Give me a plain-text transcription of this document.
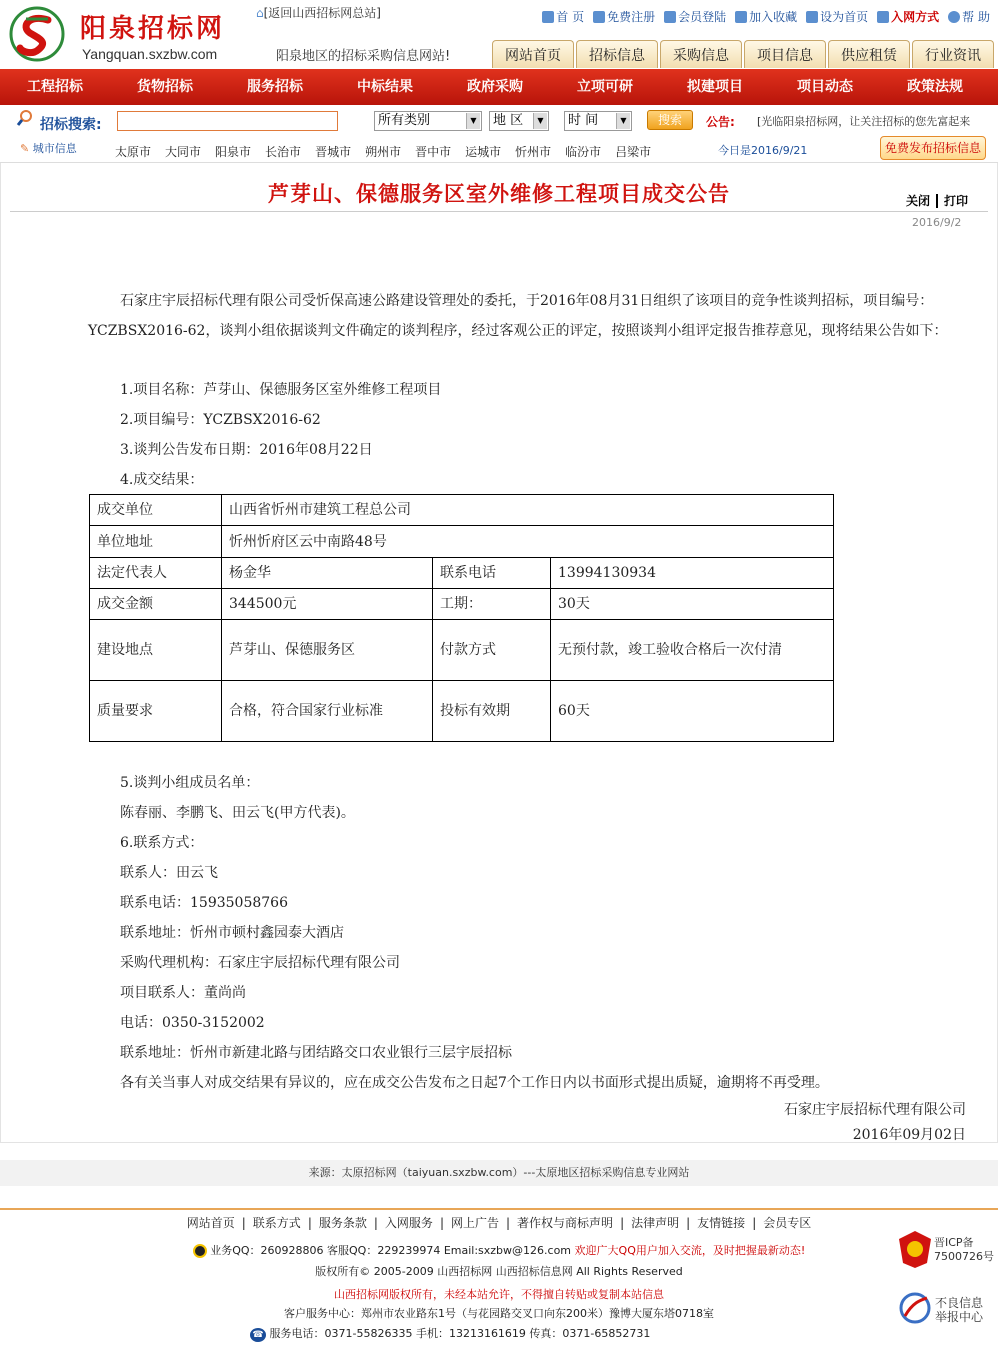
阳泉招标网
Yangquan.sxzbw.com
⌂[返回山西招标网总站]
阳泉地区的招标采购信息网站!
首 页 免费注册 会员登陆 加入收藏 设为首页 入网方式 帮 助
网站首页	招标信息	采购信息	项目信息	供应租赁	行业资讯
工程招标	货物招标	服务招标	中标结果	政府采购	立项可研	拟建项目	项目动态	政策法规
招标搜索:	所有类别	▼	地 区	▼	时 间	▼	搜索	公告: [光临阳泉招标网，让关注招标的您先富起来
✎ 城市信息	太原市 大同市 阳泉市 长治市 晋城市 朔州市 晋中市 运城市 忻州市 临汾市 吕梁市	今日是2016/9/21	免费发布招标信息
芦芽山、保德服务区室外维修工程项目成交公告	关闭 打印
2016/9/2
石家庄宇辰招标代理有限公司受忻保高速公路建设管理处的委托，于2016年08月31日组织了该项目的竞争性谈判招标，项目编号：YCZBSX2016-62，谈判小组依据谈判文件确定的谈判程序，经过客观公正的评定，按照谈判小组评定报告推荐意见，现将结果公告如下：
1.项目名称：芦芽山、保德服务区室外维修工程项目
2.项目编号：YCZBSX2016-62
3.谈判公告发布日期：2016年08月22日
4.成交结果：
成交单位	山西省忻州市建筑工程总公司		
单位地址	忻州忻府区云中南路48号		
法定代表人	杨金华	联系电话	13994130934
成交金额	344500元	工期：	30天
建设地点	芦芽山、保德服务区	付款方式	无预付款，竣工验收合格后一次付清
质量要求	合格，符合国家行业标准	投标有效期	60天
5.谈判小组成员名单：
陈春丽、李鹏飞、田云飞(甲方代表)。
6.联系方式：
联系人：田云飞
联系电话：15935058766
联系地址：忻州市顿村鑫园泰大酒店
采购代理机构：石家庄宇辰招标代理有限公司
项目联系人：董尚尚
电话：0350-3152002
联系地址：忻州市新建北路与团结路交口农业银行三层宇辰招标
各有关当事人对成交结果有异议的，应在成交公告发布之日起7个工作日内以书面形式提出质疑，逾期将不再受理。
石家庄宇辰招标代理有限公司
2016年09月02日
来源：太原招标网（taiyuan.sxzbw.com）---太原地区招标采购信息专业网站
网站首页 | 联系方式 | 服务条款 | 入网服务 | 网上广告 | 著作权与商标声明 | 法律声明 | 友情链接 | 会员专区
业务QQ：260928806 客服QQ：229239974 Email:sxzbw@126.com 欢迎广大QQ用户加入交流，及时把握最新动态!
版权所有© 2005-2009 山西招标网 山西招标信息网 All Rights Reserved
山西招标网版权所有，未经本站允许，不得擅自转贴或复制本站信息
客户服务中心：郑州市农业路东1号（与花园路交叉口向东200米）豫博大厦东塔0718室
☎ 服务电话：0371-55826335 手机：13213161619 传真：0371-65852731
晋ICP备
7500726号
不良信息
举报中心
